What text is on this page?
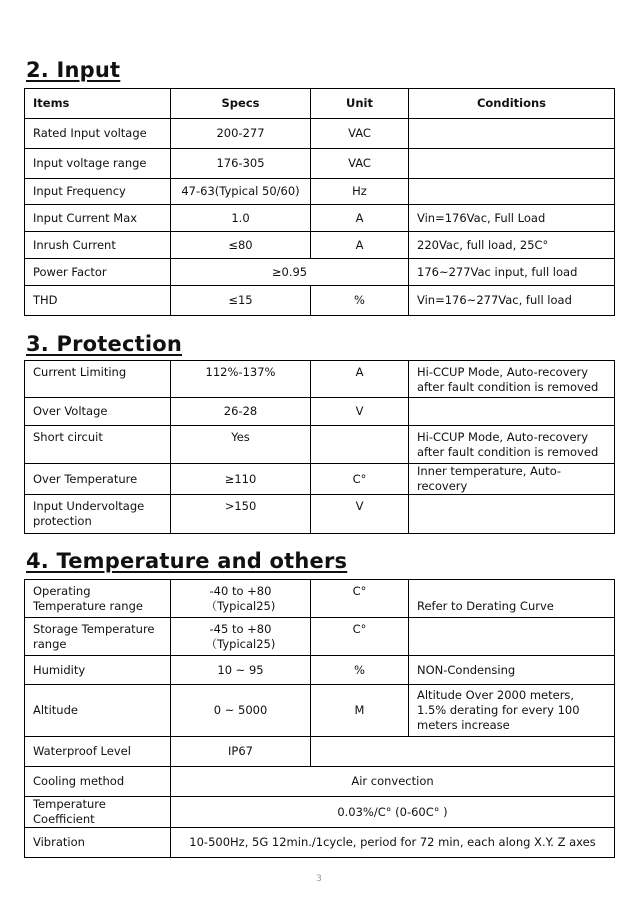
2. Input
Items	Specs	Unit	Conditions
Rated Input voltage	200-277	VAC	
Input voltage range	176-305	VAC	
Input Frequency	47-63(Typical 50/60)	Hz	
Input Current Max	1.0	A	Vin=176Vac, Full Load
Inrush Current	≤80	A	220Vac, full load, 25C°
Power Factor	≥0.95		176~277Vac input, full load
THD	≤15	%	Vin=176~277Vac, full load
3. Protection
Current Limiting	112%-137%	A	Hi-CCUP Mode, Auto-recovery after fault condition is removed
Over Voltage	26-28	V	
Short circuit	Yes		Hi-CCUP Mode, Auto-recovery after fault condition is removed
Over Temperature	≥110	C°	Inner temperature, Auto-recovery
Input Undervoltage protection	>150	V	
4. Temperature and others
Operating Temperature range	-40 to +80（Typical25)	C°	Refer to Derating Curve
Storage Temperature range	-45 to +80（Typical25)	C°	
Humidity	10 ~ 95	%	NON-Condensing
Altitude	0 ~ 5000	M	Altitude Over 2000 meters, 1.5% derating for every 100 meters increase
Waterproof Level	IP67		
Cooling method	Air convection		
Temperature Coefficient	0.03%/C° (0-60C° )		
Vibration	10-500Hz, 5G 12min./1cycle, period for 72 min, each along X.Y. Z axes		
3
